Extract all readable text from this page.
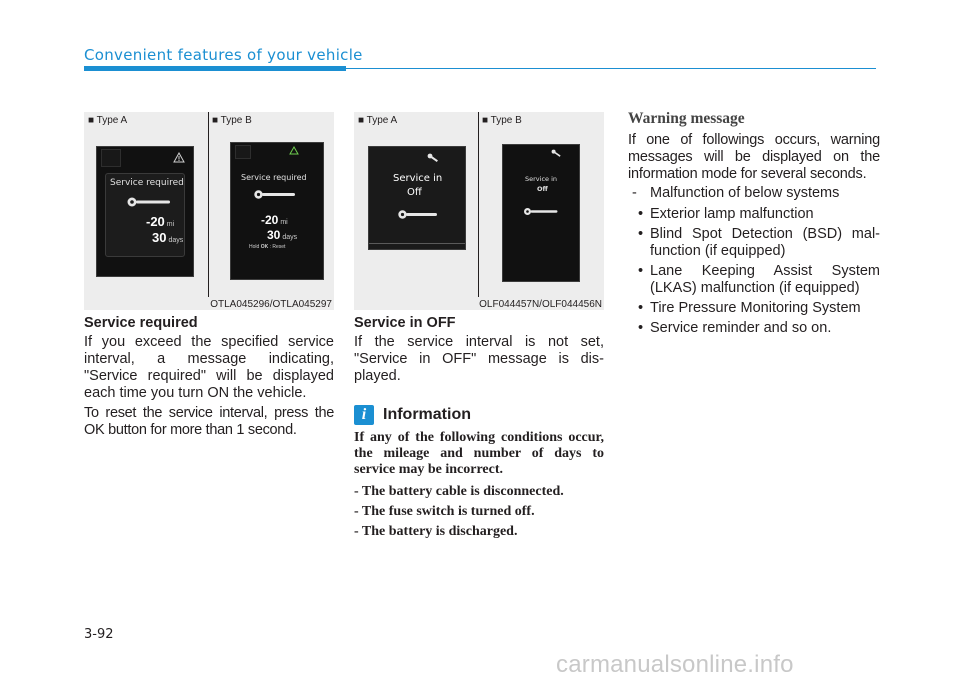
Convenient features of your vehicle
■ Type A	■ Type B
Service required
-20 mi
30 days
Service required
-20 mi
30 days
Hold OK : Reset
OTLA045296/OTLA045297
■ Type A	■ Type B
Service in
Off
Service in
Off
OLF044457N/OLF044456N
Service required

If you exceed the specified service interval, a message indicating, "Service required" will be displayed each time you turn ON the vehicle.

To reset the service interval, press the OK button for more than 1 second.

Service in OFF

If the service interval is not set, "Service in OFF" message is dis-played.

i	Information

If any of the following conditions occur, the mileage and number of days to service may be incorrect.

- The battery cable is disconnected.

- The fuse switch is turned off.

- The battery is discharged.

Warning message

If one of followings occurs, warning messages will be displayed on the information mode for several seconds.

- Malfunction of below systems
• Exterior lamp malfunction
• Blind Spot Detection (BSD) mal-function (if equipped)
• Lane Keeping Assist System (LKAS) malfunction (if equipped)
• Tire Pressure Monitoring System
• Service reminder and so on.
3-92
carmanualsonline.info
